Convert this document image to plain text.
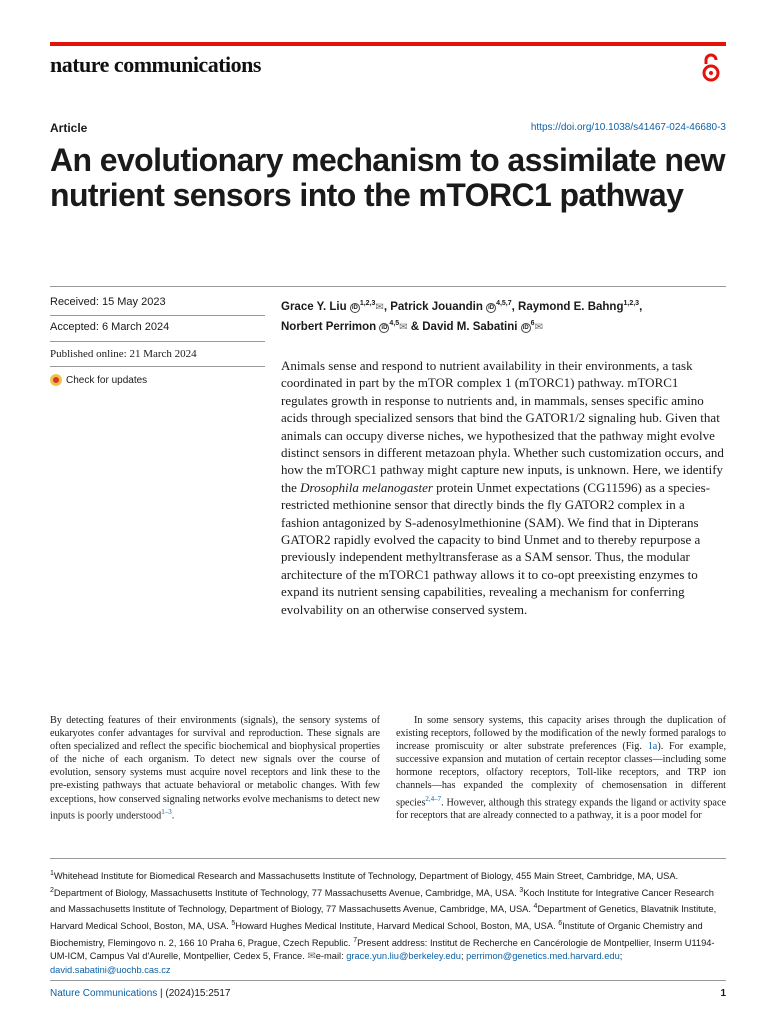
nature communications
Article	https://doi.org/10.1038/s41467-024-46680-3
An evolutionary mechanism to assimilate new nutrient sensors into the mTORC1 pathway
Received: 15 May 2023
Accepted: 6 March 2024
Published online: 21 March 2024
Check for updates

Grace Y. Liu iD$^{1,2,3}$✉, Patrick Jouandin iD$^{4,5,7}$, Raymond E. Bahng$^{1,2,3}$,
Norbert Perrimon iD$^{4,5}$✉ & David M. Sabatini $iD^6✉$

Animals sense and respond to nutrient availability in their environments, a task coordinated in part by the mTOR complex 1 (mTORC1) pathway. mTORC1 regulates growth in response to nutrients and, in mammals, senses specific amino acids through specialized sensors that bind the GATOR1/2 signaling hub. Given that animals can occupy diverse niches, we hypothesized that the pathway might evolve distinct sensors in different metazoan phyla. Whether such customization occurs, and how the mTORC1 pathway might capture new inputs, is unknown. Here, we identify the Drosophila melanogaster protein Unmet expectations (CG11596) as a species-restricted methionine sensor that directly binds the fly GATOR2 complex in a fashion antagonized by S-adenosylmethionine (SAM). We find that in Dipterans GATOR2 rapidly evolved the capacity to bind Unmet and to thereby repurpose a previously independent methyltransferase as a SAM sensor. Thus, the modular architecture of the mTORC1 pathway allows it to co-opt preexisting enzymes to expand its nutrient sensing capabilities, revealing a mechanism for conferring evolvability on an otherwise conserved system.

By detecting features of their environments (signals), the sensory systems of eukaryotes confer advantages for survival and reproduction. These signals are often specialized and reflect the specific biochemical and biophysical properties of the niche of each organism. To detect new signals over the course of evolution, sensory systems must acquire novel receptors and link these to the pre-existing pathways that actuate behavioral or metabolic changes. With few exceptions, how conserved signaling networks evolve mechanisms to detect new inputs is poorly understood$^{1-3}$.

In some sensory systems, this capacity arises through the duplication of existing receptors, followed by the modification of the newly formed paralogs to increase promiscuity or alter substrate preferences (Fig. 1a). For example, successive expansion and mutation of certain receptor classes—including some hormone receptors, olfactory receptors, Toll-like receptors, and TRP ion channels—has expanded the complexity of chemosensation in different species$^{2,4-7}$. However, although this strategy expands the ligand or activity space for receptors that are already connected to a pathway, it is a poor model for

$^1$Whitehead Institute for Biomedical Research and Massachusetts Institute of Technology, Department of Biology, 455 Main Street, Cambridge, MA, USA.
$^2$Department of Biology, Massachusetts Institute of Technology, 77 Massachusetts Avenue, Cambridge, MA, USA. $^3$Koch Institute for Integrative Cancer Research and Massachusetts Institute of Technology, Department of Biology, 77 Massachusetts Avenue, Cambridge, MA, USA. $^4$Department of Genetics, Blavatnik Institute, Harvard Medical School, Boston, MA, USA. $^5$Howard Hughes Medical Institute, Harvard Medical School, Boston, MA, USA. $^6$Institute of Organic Chemistry and Biochemistry, Flemingovo n. 2, 166 10 Praha 6, Prague, Czech Republic. $^7$Present address: Institut de Recherche en Cancérologie de Montpellier, Inserm U1194-UM-ICM, Campus Val d'Aurelle, Montpellier, Cedex 5, France. ✉e-mail: grace.yun.liu@berkeley.edu; perrimon@genetics.med.harvard.edu; david.sabatini@uochb.cas.cz

Nature Communications | (2024)15:2517	1
